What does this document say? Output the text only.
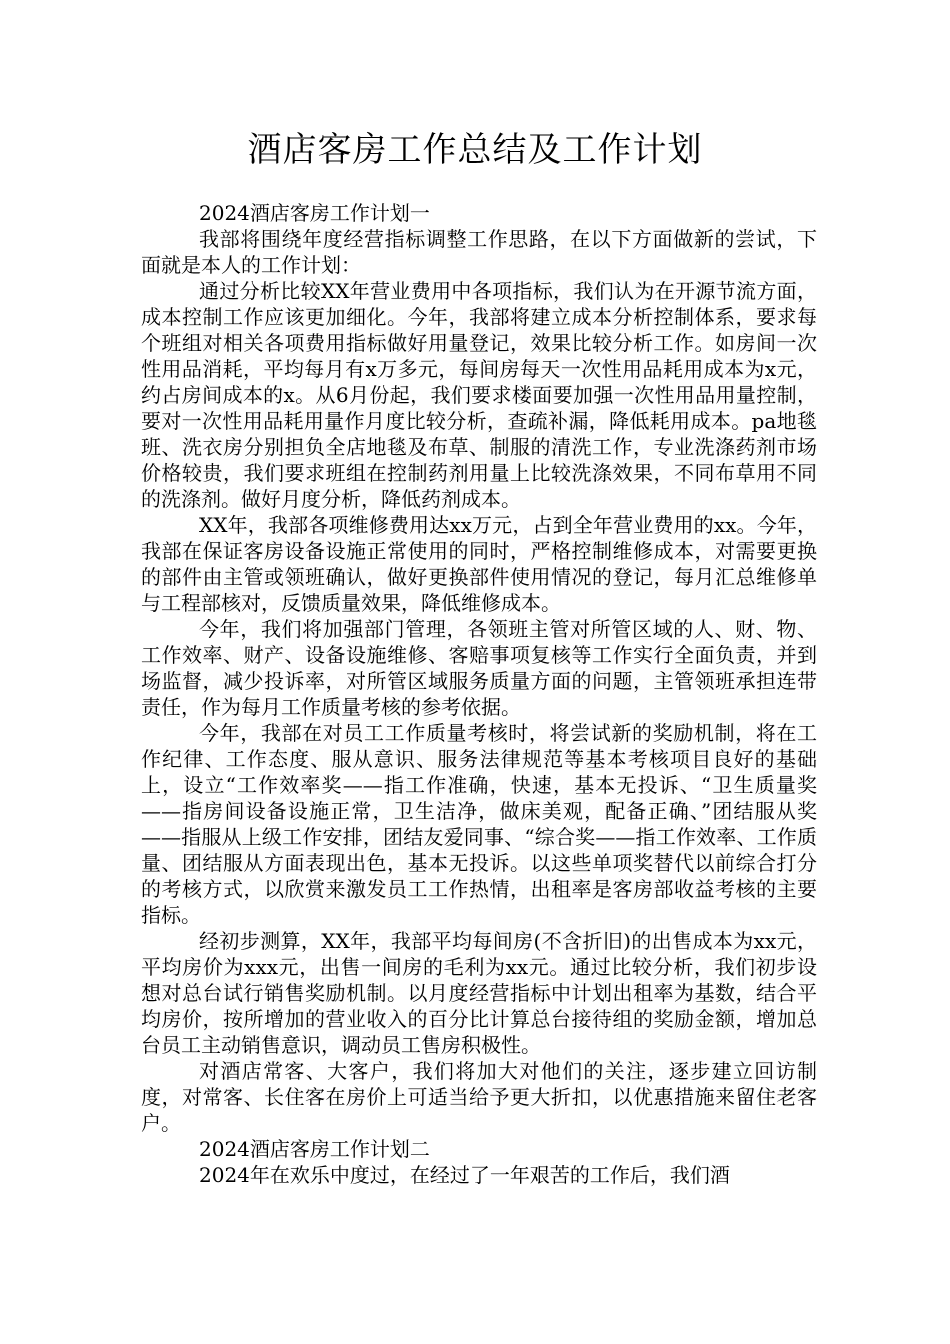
酒店客房工作总结及工作计划

2024酒店客房工作计划一

我部将围绕年度经营指标调整工作思路，在以下方面做新的尝试，下面就是本人的工作计划：

通过分析比较XX年营业费用中各项指标，我们认为在开源节流方面，成本控制工作应该更加细化。今年，我部将建立成本分析控制体系，要求每个班组对相关各项费用指标做好用量登记，效果比较分析工作。如房间一次性用品消耗，平均每月有x万多元，每间房每天一次性用品耗用成本为x元，约占房间成本的x。从6月份起，我们要求楼面要加强一次性用品用量控制，要对一次性用品耗用量作月度比较分析，查疏补漏，降低耗用成本。pa地毯班、洗衣房分别担负全店地毯及布草、制服的清洗工作，专业洗涤药剂市场价格较贵，我们要求班组在控制药剂用量上比较洗涤效果，不同布草用不同的洗涤剂。做好月度分析，降低药剂成本。

XX年，我部各项维修费用达xx万元，占到全年营业费用的xx。今年，我部在保证客房设备设施正常使用的同时，严格控制维修成本，对需要更换的部件由主管或领班确认，做好更换部件使用情况的登记，每月汇总维修单与工程部核对，反馈质量效果，降低维修成本。

今年，我们将加强部门管理，各领班主管对所管区域的人、财、物、工作效率、财产、设备设施维修、客赔事项复核等工作实行全面负责，并到场监督，减少投诉率，对所管区域服务质量方面的问题，主管领班承担连带责任，作为每月工作质量考核的参考依据。

今年，我部在对员工工作质量考核时，将尝试新的奖励机制，将在工作纪律、工作态度、服从意识、服务法律规范等基本考核项目良好的基础上，设立“工作效率奖——指工作准确，快速，基本无投诉、“卫生质量奖——指房间设备设施正常，卫生洁净，做床美观，配备正确、”团结服从奖——指服从上级工作安排，团结友爱同事、“综合奖——指工作效率、工作质量、团结服从方面表现出色，基本无投诉。以这些单项奖替代以前综合打分的考核方式，以欣赏来激发员工工作热情，出租率是客房部收益考核的主要指标。

经初步测算，XX年，我部平均每间房(不含折旧)的出售成本为xx元，平均房价为xxx元，出售一间房的毛利为xx元。通过比较分析，我们初步设想对总台试行销售奖励机制。以月度经营指标中计划出租率为基数，结合平均房价，按所增加的营业收入的百分比计算总台接待组的奖励金额，增加总台员工主动销售意识，调动员工售房积极性。

对酒店常客、大客户，我们将加大对他们的关注，逐步建立回访制度，对常客、长住客在房价上可适当给予更大折扣，以优惠措施来留住老客户。

2024酒店客房工作计划二

2024年在欢乐中度过，在经过了一年艰苦的工作后，我们酒
